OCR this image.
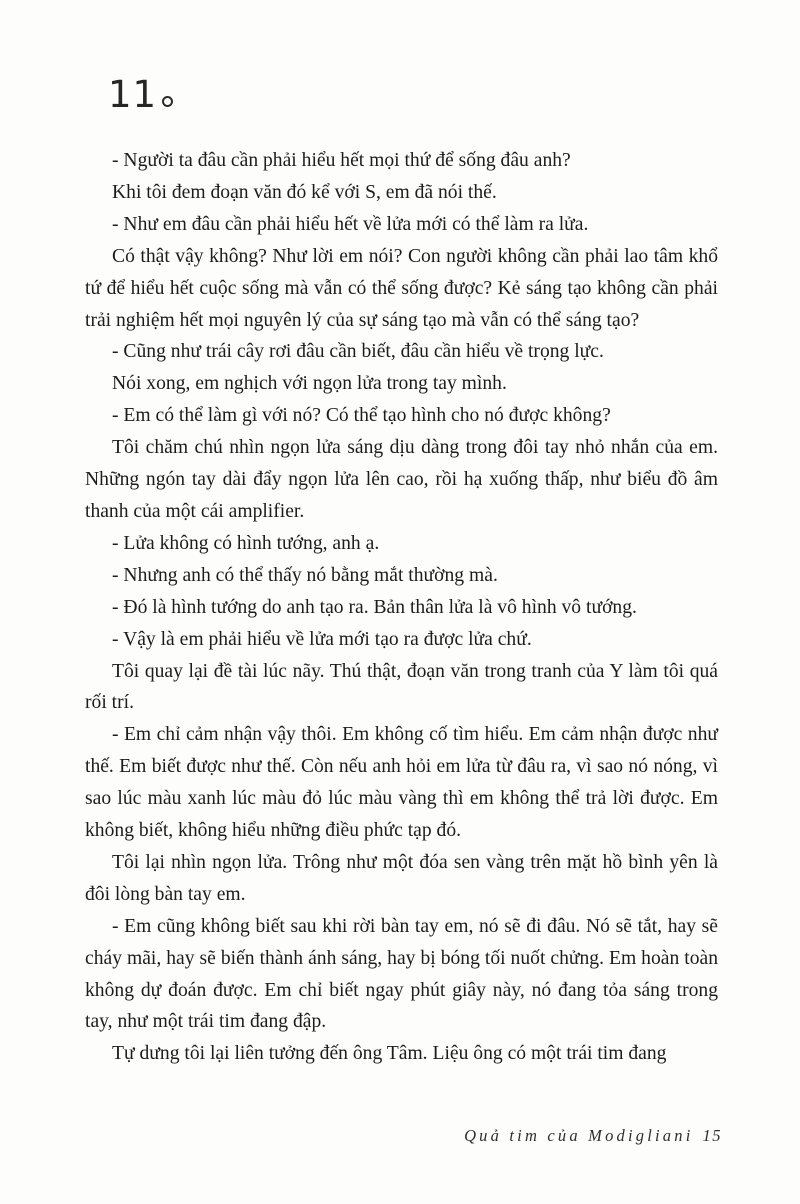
11

- Người ta đâu cần phải hiểu hết mọi thứ để sống đâu anh?

Khi tôi đem đoạn văn đó kể với S, em đã nói thế.

- Như em đâu cần phải hiểu hết về lửa mới có thể làm ra lửa.

Có thật vậy không? Như lời em nói? Con người không cần phải lao tâm khổ tứ để hiểu hết cuộc sống mà vẫn có thể sống được? Kẻ sáng tạo không cần phải trải nghiệm hết mọi nguyên lý của sự sáng tạo mà vẫn có thể sáng tạo?

- Cũng như trái cây rơi đâu cần biết, đâu cần hiểu về trọng lực.

Nói xong, em nghịch với ngọn lửa trong tay mình.

- Em có thể làm gì với nó? Có thể tạo hình cho nó được không?

Tôi chăm chú nhìn ngọn lửa sáng dịu dàng trong đôi tay nhỏ nhắn của em. Những ngón tay dài đẩy ngọn lửa lên cao, rồi hạ xuống thấp, như biểu đồ âm thanh của một cái amplifier.

- Lửa không có hình tướng, anh ạ.

- Nhưng anh có thể thấy nó bằng mắt thường mà.

- Đó là hình tướng do anh tạo ra. Bản thân lửa là vô hình vô tướng.

- Vậy là em phải hiểu về lửa mới tạo ra được lửa chứ.

Tôi quay lại đề tài lúc nãy. Thú thật, đoạn văn trong tranh của Y làm tôi quá rối trí.

- Em chỉ cảm nhận vậy thôi. Em không cố tìm hiểu. Em cảm nhận được như thế. Em biết được như thế. Còn nếu anh hỏi em lửa từ đâu ra, vì sao nó nóng, vì sao lúc màu xanh lúc màu đỏ lúc màu vàng thì em không thể trả lời được. Em không biết, không hiểu những điều phức tạp đó.

Tôi lại nhìn ngọn lửa. Trông như một đóa sen vàng trên mặt hồ bình yên là đôi lòng bàn tay em.

- Em cũng không biết sau khi rời bàn tay em, nó sẽ đi đâu. Nó sẽ tắt, hay sẽ cháy mãi, hay sẽ biến thành ánh sáng, hay bị bóng tối nuốt chửng. Em hoàn toàn không dự đoán được. Em chỉ biết ngay phút giây này, nó đang tỏa sáng trong tay, như một trái tim đang đập.

Tự dưng tôi lại liên tưởng đến ông Tâm. Liệu ông có một trái tim đang

Quả tim của Modigliani 15
